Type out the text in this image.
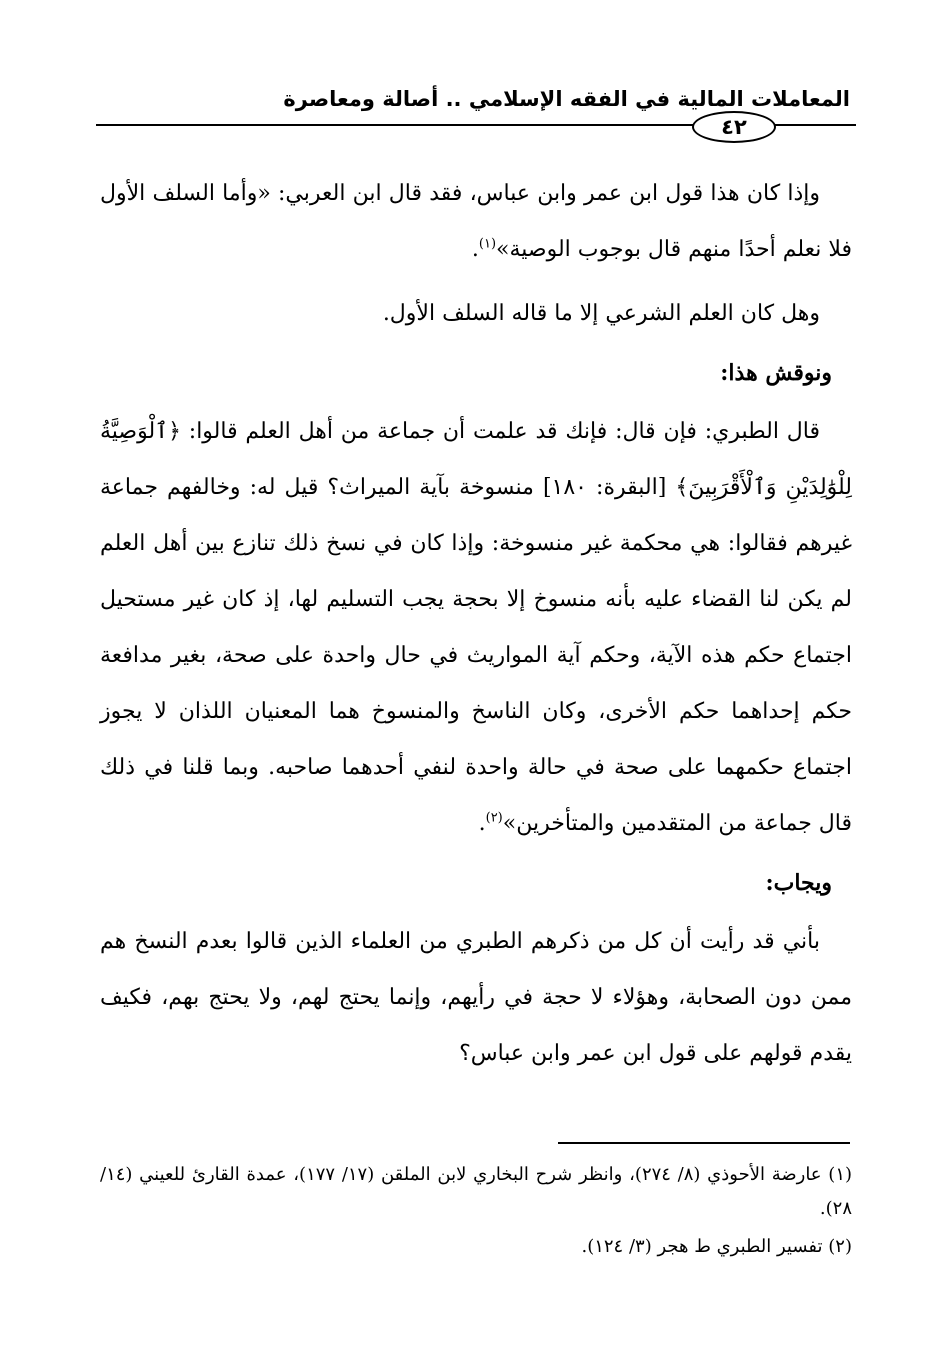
المعاملات المالية في الفقه الإسلامي .. أصالة ومعاصرة
٤٢

وإذا كان هذا قول ابن عمر وابن عباس، فقد قال ابن العربي: «وأما السلف الأول فلا نعلم أحدًا منهم قال بوجوب الوصية»$^{(١)}$.

وهل كان العلم الشرعي إلا ما قاله السلف الأول.

ونوقش هذا:

قال الطبري: فإن قال: فإنك قد علمت أن جماعة من أهل العلم قالوا: ﴿ٱلْوَصِيَّةُ لِلْوَٰلِدَيْنِ وَٱلْأَقْرَبِينَ﴾ [البقرة: ١٨٠] منسوخة بآية الميراث؟ قيل له: وخالفهم جماعة غيرهم فقالوا: هي محكمة غير منسوخة: وإذا كان في نسخ ذلك تنازع بين أهل العلم لم يكن لنا القضاء عليه بأنه منسوخ إلا بحجة يجب التسليم لها، إذ كان غير مستحيل اجتماع حكم هذه الآية، وحكم آية المواريث في حال واحدة على صحة، بغير مدافعة حكم إحداهما حكم الأخرى، وكان الناسخ والمنسوخ هما المعنيان اللذان لا يجوز اجتماع حكمهما على صحة في حالة واحدة لنفي أحدهما صاحبه. وبما قلنا في ذلك قال جماعة من المتقدمين والمتأخرين»$^{(٢)}$.

ويجاب:

بأني قد رأيت أن كل من ذكرهم الطبري من العلماء الذين قالوا بعدم النسخ هم ممن دون الصحابة، وهؤلاء لا حجة في رأيهم، وإنما يحتج لهم، ولا يحتج بهم، فكيف يقدم قولهم على قول ابن عمر وابن عباس؟

(١) عارضة الأحوذي (٨/ ٢٧٤)، وانظر شرح البخاري لابن الملقن (١٧/ ١٧٧)، عمدة القارئ للعيني (١٤/ ٢٨).

(٢) تفسير الطبري ط هجر (٣/ ١٢٤).
